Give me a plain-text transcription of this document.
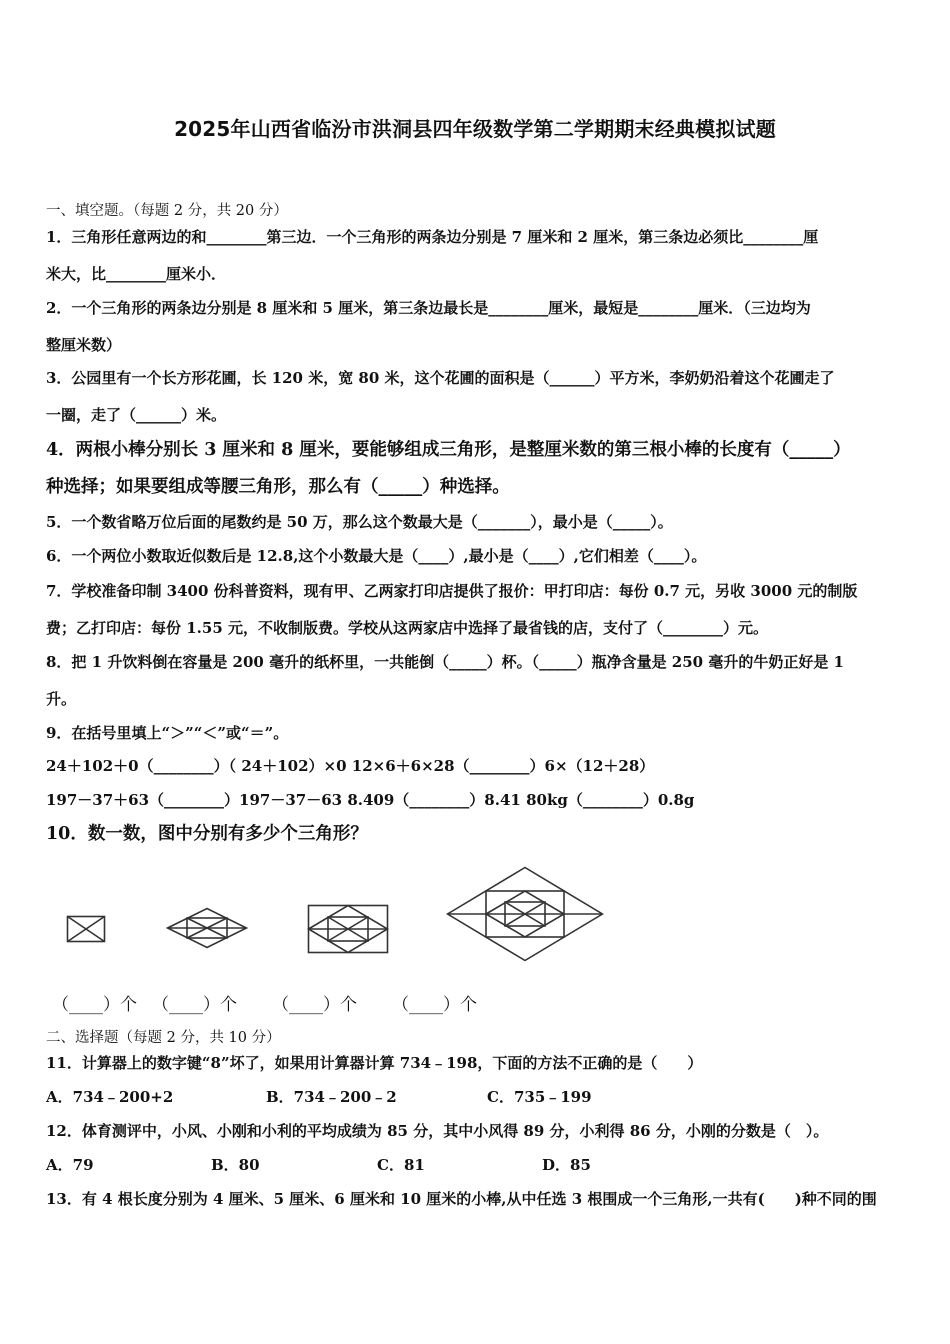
2025年山西省临汾市洪洞县四年级数学第二学期期末经典模拟试题
一、填空题。（每题 2 分，共 20 分）
1．三角形任意两边的和________第三边．一个三角形的两条边分别是 7 厘米和 2 厘米，第三条边必须比________厘
米大，比________厘米小．
2．一个三角形的两条边分别是 8 厘米和 5 厘米，第三条边最长是________厘米，最短是________厘米．（三边均为
整厘米数）
3．公园里有一个长方形花圃，长 120 米，宽 80 米，这个花圃的面积是（______）平方米，李奶奶沿着这个花圃走了
一圈，走了（______）米。
4．两根小棒分别长 3 厘米和 8 厘米，要能够组成三角形，是整厘米数的第三根小棒的长度有（_____）
种选择；如果要组成等腰三角形，那么有（_____）种选择。
5．一个数省略万位后面的尾数约是 50 万，那么这个数最大是（_______），最小是（_____）。
6．一个两位小数取近似数后是 12.8,这个小数最大是（____）,最小是（____）,它们相差（____）。
7．学校准备印制 3400 份科普资料，现有甲、乙两家打印店提供了报价：甲打印店：每份 0.7 元，另收 3000 元的制版
费；乙打印店：每份 1.55 元，不收制版费。学校从这两家店中选择了最省钱的店，支付了（________）元。
8．把 1 升饮料倒在容量是 200 毫升的纸杯里，一共能倒（_____）杯。（_____）瓶净含量是 250 毫升的牛奶正好是 1
升。
9．在括号里填上“＞”“＜”或“＝”。
24＋102＋0（________）（ 24＋102）×0 12×6＋6×28（________）6×（12＋28）
197－37＋63（________）197－37－63 8.409（________）8.41 80kg（________）0.8g
10．数一数，图中分别有多少个三角形？
（____）个 （____）个 （____）个 （____）个
二、选择题（每题 2 分，共 10 分）
11．计算器上的数字键“8”坏了，如果用计算器计算 734﹣198，下面的方法不正确的是（　　）
A．734﹣200+2	B．734﹣200﹣2	C．735﹣199
12．体育测评中，小风、小刚和小利的平均成绩为 85 分，其中小风得 89 分，小利得 86 分，小刚的分数是（　）。
A．79	B．80	C．81	D．85
13．有 4 根长度分别为 4 厘米、5 厘米、6 厘米和 10 厘米的小棒,从中任选 3 根围成一个三角形,一共有(　　)种不同的围
